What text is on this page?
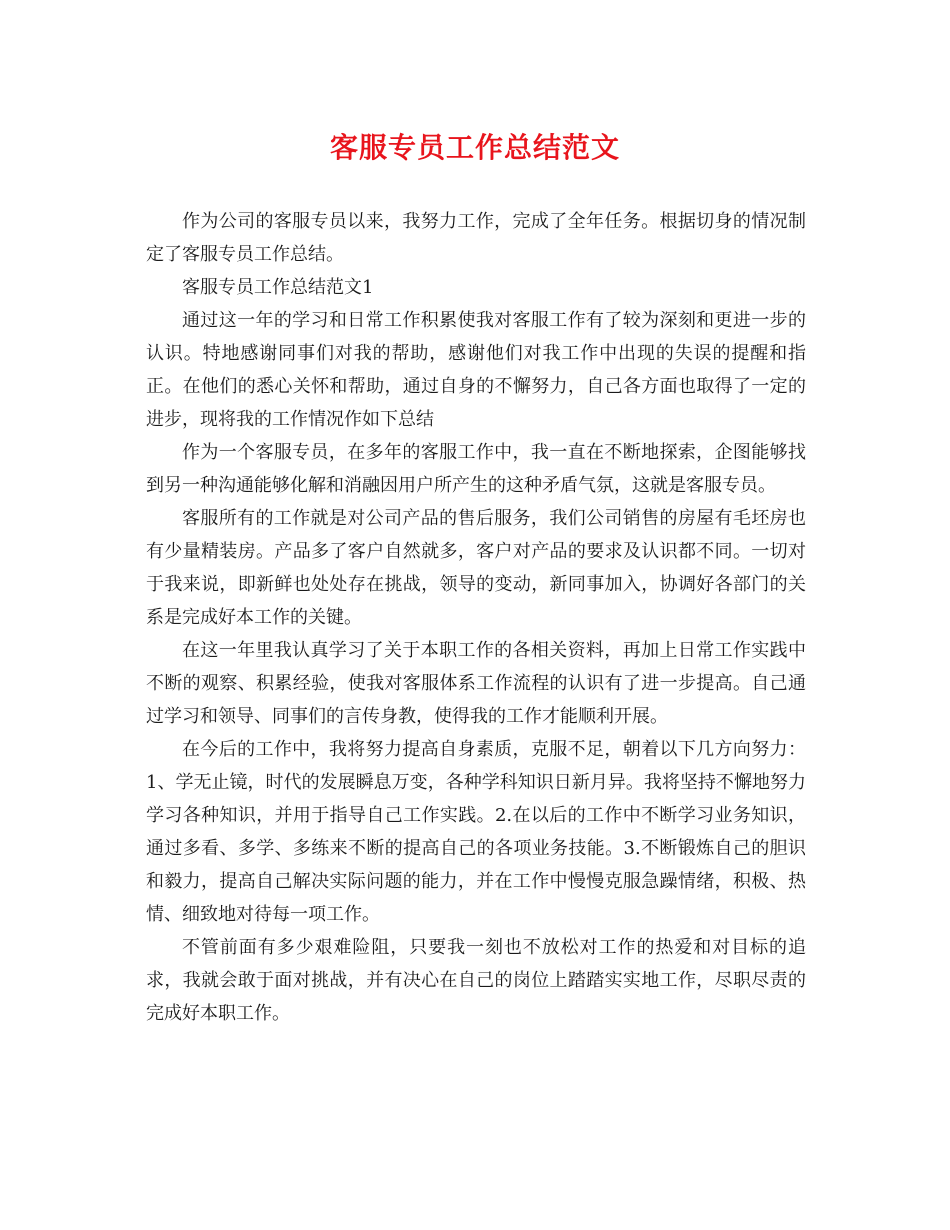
客服专员工作总结范文

作为公司的客服专员以来，我努力工作，完成了全年任务。根据切身的情况制定了客服专员工作总结。

客服专员工作总结范文1

通过这一年的学习和日常工作积累使我对客服工作有了较为深刻和更进一步的认识。特地感谢同事们对我的帮助，感谢他们对我工作中出现的失误的提醒和指正。在他们的悉心关怀和帮助，通过自身的不懈努力，自己各方面也取得了一定的进步，现将我的工作情况作如下总结

作为一个客服专员，在多年的客服工作中，我一直在不断地探索，企图能够找到另一种沟通能够化解和消融因用户所产生的这种矛盾气氛，这就是客服专员。

客服所有的工作就是对公司产品的售后服务，我们公司销售的房屋有毛坯房也有少量精装房。产品多了客户自然就多，客户对产品的要求及认识都不同。一切对于我来说，即新鲜也处处存在挑战，领导的变动，新同事加入，协调好各部门的关系是完成好本工作的关键。

在这一年里我认真学习了关于本职工作的各相关资料，再加上日常工作实践中不断的观察、积累经验，使我对客服体系工作流程的认识有了进一步提高。自己通过学习和领导、同事们的言传身教，使得我的工作才能顺利开展。

在今后的工作中，我将努力提高自身素质，克服不足，朝着以下几方向努力：1、学无止镜，时代的发展瞬息万变，各种学科知识日新月异。我将坚持不懈地努力学习各种知识，并用于指导自己工作实践。2.在以后的工作中不断学习业务知识，通过多看、多学、多练来不断的提高自己的各项业务技能。3.不断锻炼自己的胆识和毅力，提高自己解决实际问题的能力，并在工作中慢慢克服急躁情绪，积极、热情、细致地对待每一项工作。

不管前面有多少艰难险阻，只要我一刻也不放松对工作的热爱和对目标的追求，我就会敢于面对挑战，并有决心在自己的岗位上踏踏实实地工作，尽职尽责的完成好本职工作。
